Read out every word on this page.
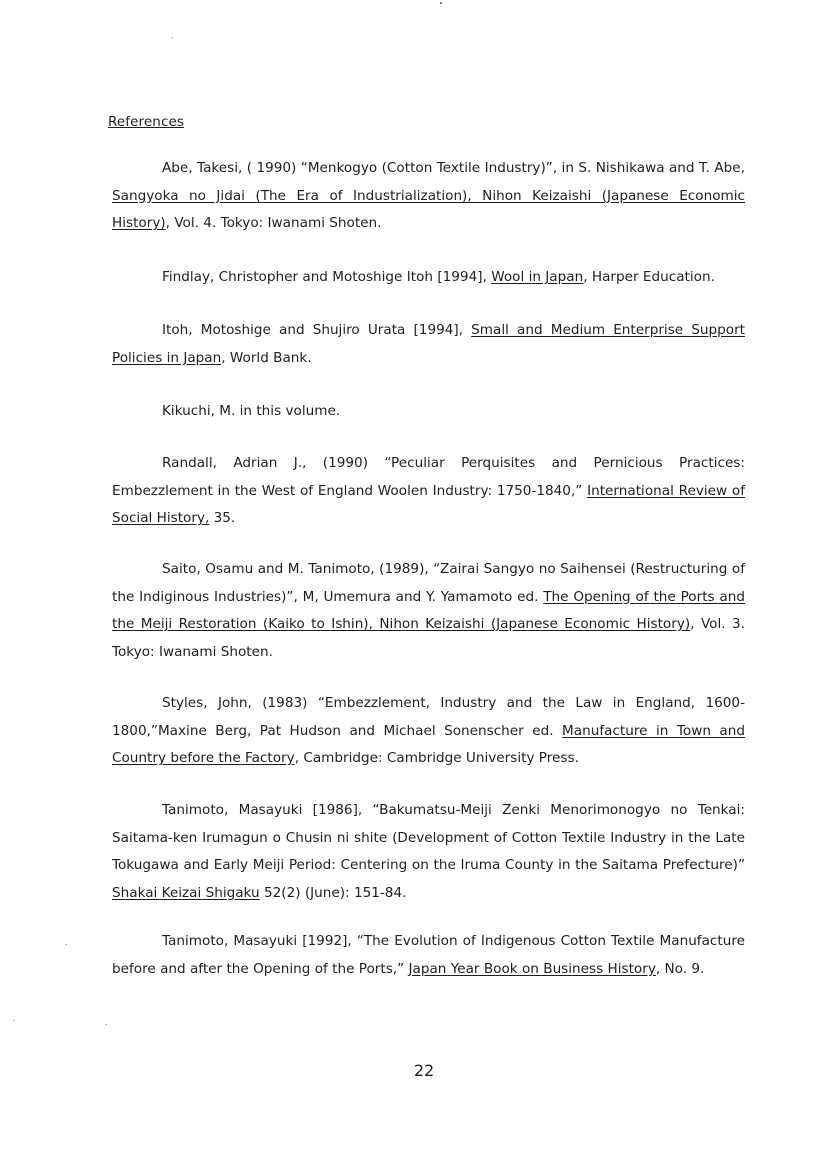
References

Abe, Takesi, ( 1990) “Menkogyo (Cotton Textile Industry)”, in S. Nishikawa and T. Abe, Sangyoka no Jidai (The Era of Industrialization), Nihon Keizaishi (Japanese Economic History), Vol. 4. Tokyo: Iwanami Shoten.

Findlay, Christopher and Motoshige Itoh [1994], Wool in Japan, Harper Education.

Itoh, Motoshige and Shujiro Urata [1994], Small and Medium Enterprise Support Policies in Japan, World Bank.

Kikuchi, M. in this volume.

Randall, Adrian J., (1990) “Peculiar Perquisites and Pernicious Practices: Embezzlement in the West of England Woolen Industry: 1750-1840,” International Review of Social History, 35.

Saito, Osamu and M. Tanimoto, (1989), “Zairai Sangyo no Saihensei (Restructuring of the Indiginous Industries)”, M, Umemura and Y. Yamamoto ed. The Opening of the Ports and the Meiji Restoration (Kaiko to Ishin), Nihon Keizaishi (Japanese Economic History), Vol. 3. Tokyo: Iwanami Shoten.

Styles, John, (1983) “Embezzlement, Industry and the Law in England, 1600-1800,”Maxine Berg, Pat Hudson and Michael Sonenscher ed. Manufacture in Town and Country before the Factory, Cambridge: Cambridge University Press.

Tanimoto, Masayuki [1986], “Bakumatsu-Meiji Zenki Menorimonogyo no Tenkai: Saitama-ken Irumagun o Chusin ni shite (Development of Cotton Textile Industry in the Late Tokugawa and Early Meiji Period: Centering on the Iruma County in the Saitama Prefecture)” Shakai Keizai Shigaku 52(2) (June): 151-84.

Tanimoto, Masayuki [1992], “The Evolution of Indigenous Cotton Textile Manufacture before and after the Opening of the Ports,” Japan Year Book on Business History, No. 9.

22
